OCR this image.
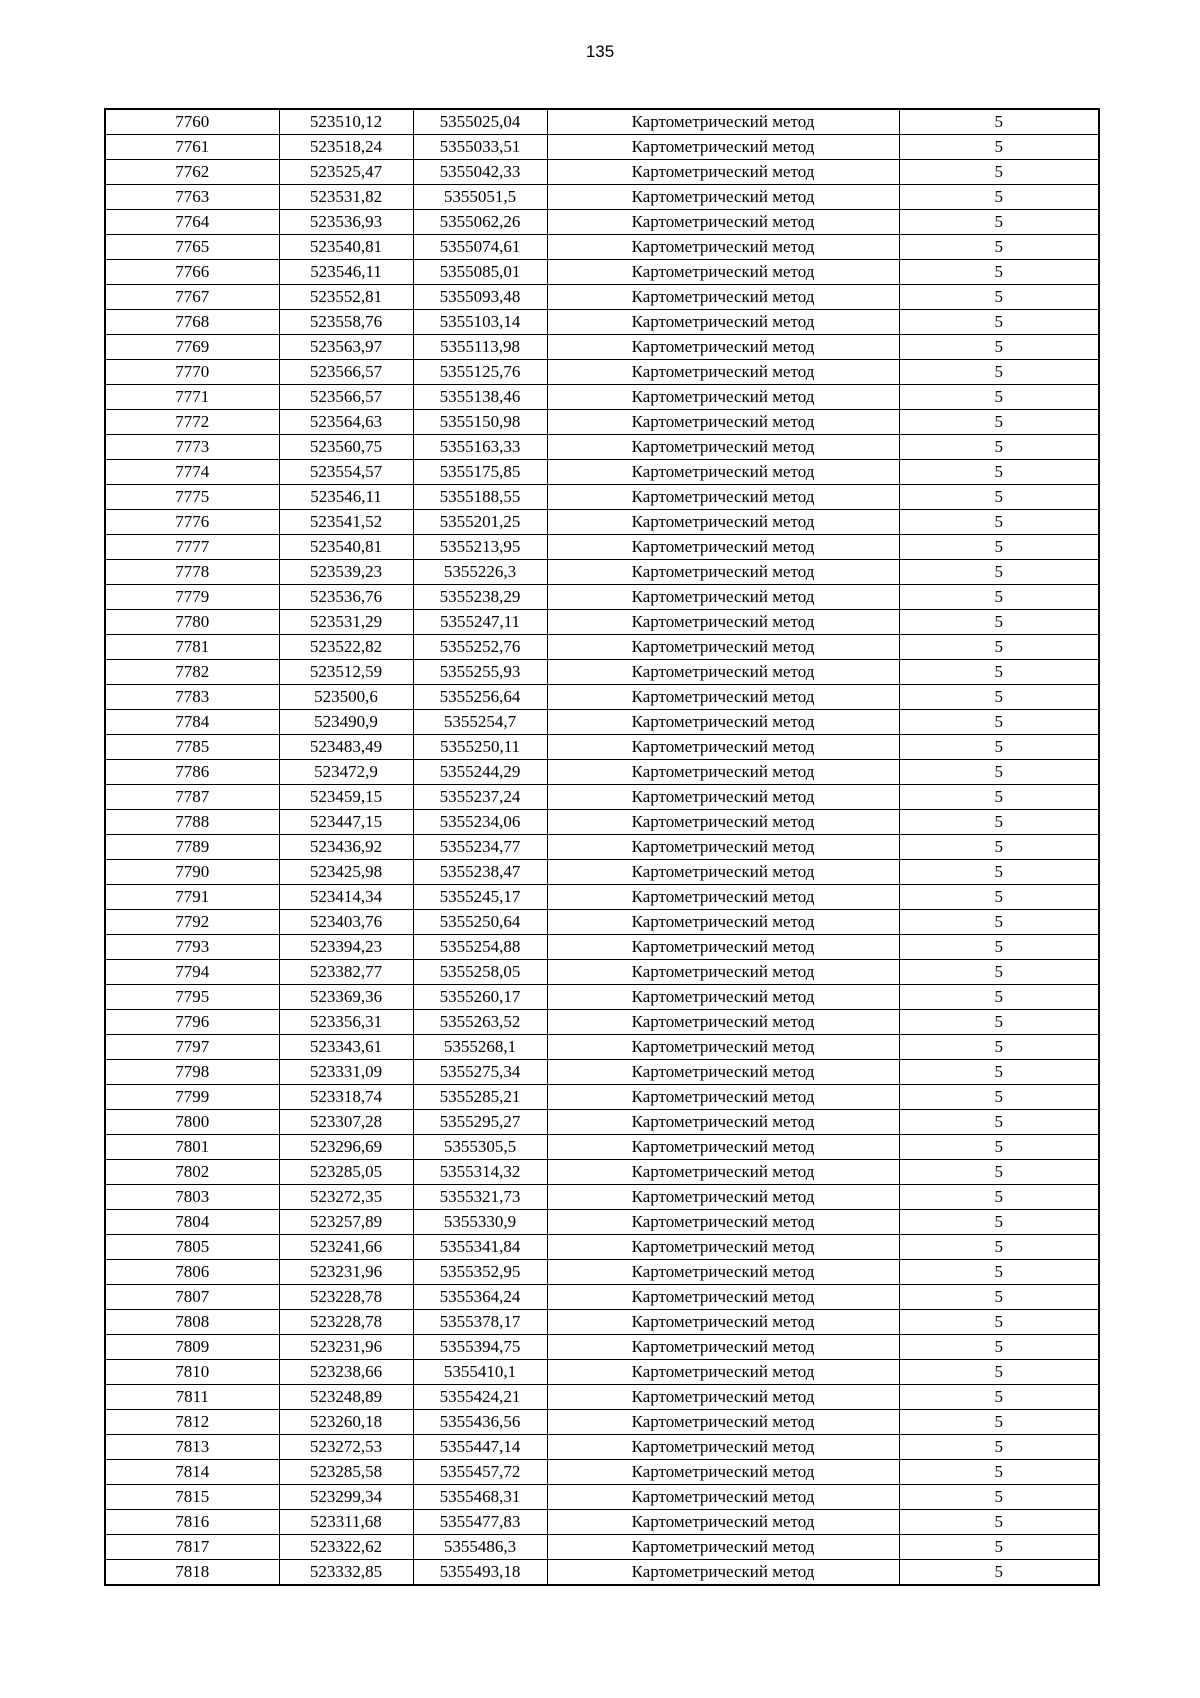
135
7760	523510,12	5355025,04	Картометрический метод	5
7761	523518,24	5355033,51	Картометрический метод	5
7762	523525,47	5355042,33	Картометрический метод	5
7763	523531,82	5355051,5	Картометрический метод	5
7764	523536,93	5355062,26	Картометрический метод	5
7765	523540,81	5355074,61	Картометрический метод	5
7766	523546,11	5355085,01	Картометрический метод	5
7767	523552,81	5355093,48	Картометрический метод	5
7768	523558,76	5355103,14	Картометрический метод	5
7769	523563,97	5355113,98	Картометрический метод	5
7770	523566,57	5355125,76	Картометрический метод	5
7771	523566,57	5355138,46	Картометрический метод	5
7772	523564,63	5355150,98	Картометрический метод	5
7773	523560,75	5355163,33	Картометрический метод	5
7774	523554,57	5355175,85	Картометрический метод	5
7775	523546,11	5355188,55	Картометрический метод	5
7776	523541,52	5355201,25	Картометрический метод	5
7777	523540,81	5355213,95	Картометрический метод	5
7778	523539,23	5355226,3	Картометрический метод	5
7779	523536,76	5355238,29	Картометрический метод	5
7780	523531,29	5355247,11	Картометрический метод	5
7781	523522,82	5355252,76	Картометрический метод	5
7782	523512,59	5355255,93	Картометрический метод	5
7783	523500,6	5355256,64	Картометрический метод	5
7784	523490,9	5355254,7	Картометрический метод	5
7785	523483,49	5355250,11	Картометрический метод	5
7786	523472,9	5355244,29	Картометрический метод	5
7787	523459,15	5355237,24	Картометрический метод	5
7788	523447,15	5355234,06	Картометрический метод	5
7789	523436,92	5355234,77	Картометрический метод	5
7790	523425,98	5355238,47	Картометрический метод	5
7791	523414,34	5355245,17	Картометрический метод	5
7792	523403,76	5355250,64	Картометрический метод	5
7793	523394,23	5355254,88	Картометрический метод	5
7794	523382,77	5355258,05	Картометрический метод	5
7795	523369,36	5355260,17	Картометрический метод	5
7796	523356,31	5355263,52	Картометрический метод	5
7797	523343,61	5355268,1	Картометрический метод	5
7798	523331,09	5355275,34	Картометрический метод	5
7799	523318,74	5355285,21	Картометрический метод	5
7800	523307,28	5355295,27	Картометрический метод	5
7801	523296,69	5355305,5	Картометрический метод	5
7802	523285,05	5355314,32	Картометрический метод	5
7803	523272,35	5355321,73	Картометрический метод	5
7804	523257,89	5355330,9	Картометрический метод	5
7805	523241,66	5355341,84	Картометрический метод	5
7806	523231,96	5355352,95	Картометрический метод	5
7807	523228,78	5355364,24	Картометрический метод	5
7808	523228,78	5355378,17	Картометрический метод	5
7809	523231,96	5355394,75	Картометрический метод	5
7810	523238,66	5355410,1	Картометрический метод	5
7811	523248,89	5355424,21	Картометрический метод	5
7812	523260,18	5355436,56	Картометрический метод	5
7813	523272,53	5355447,14	Картометрический метод	5
7814	523285,58	5355457,72	Картометрический метод	5
7815	523299,34	5355468,31	Картометрический метод	5
7816	523311,68	5355477,83	Картометрический метод	5
7817	523322,62	5355486,3	Картометрический метод	5
7818	523332,85	5355493,18	Картометрический метод	5
